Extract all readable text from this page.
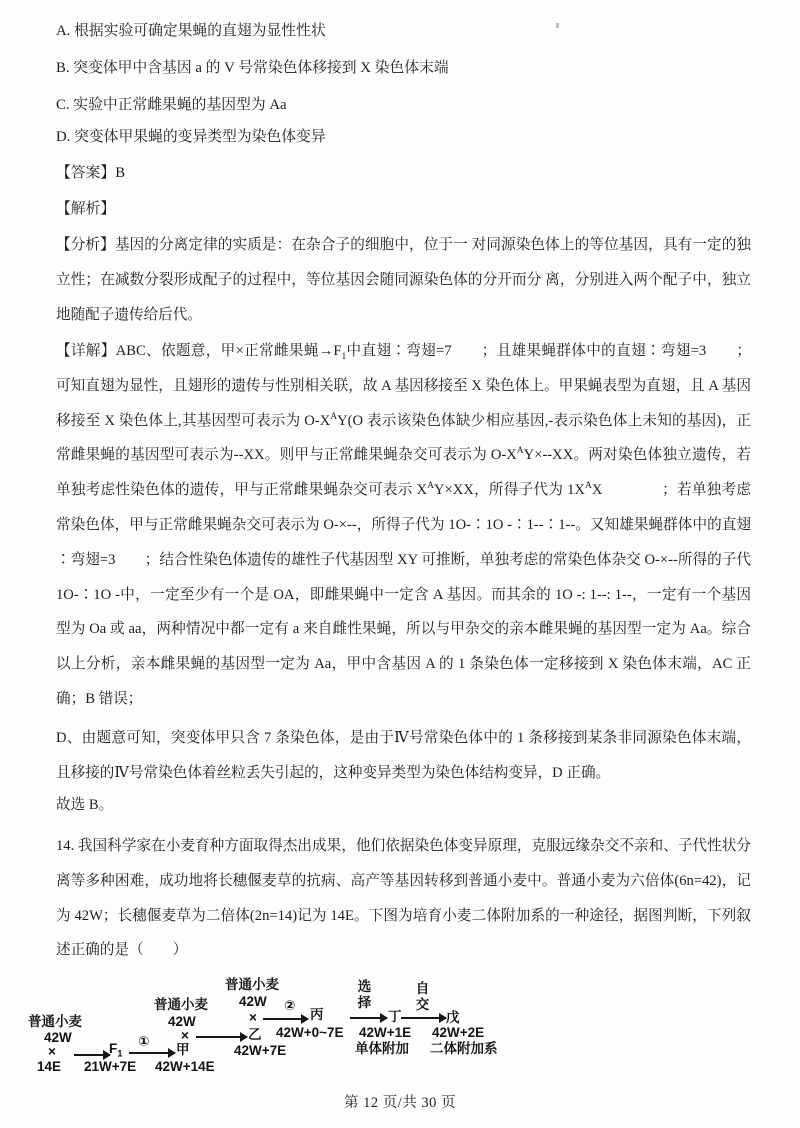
A. 根据实验可确定果蝇的直翅为显性性状
B. 突变体甲中含基因 a 的 V 号常染色体移接到 X 染色体末端
C. 实验中正常雌果蝇的基因型为 Aa
D. 突变体甲果蝇的变异类型为染色体变异
【答案】B
【解析】
【分析】基因的分离定律的实质是：在杂合子的细胞中，位于一 对同源染色体上的等位基因，具有一定的独立性；在减数分裂形成配子的过程中，等位基因会随同源染色体的分开而分 离，分别进入两个配子中，独立地随配子遗传给后代。
【详解】ABC、依题意，甲×正常雌果蝇$\to F_1$中直翅∶弯翅=7　　；且雄果蝇群体中的直翅∶弯翅=3　　；可知直翅为显性，且翅形的遗传与性别相关联，故 A 基因移接至 X 染色体上。甲果蝇表型为直翅，且 A 基因移接至 X 染色体上,其基因型可表示为 $O-X^AY(O$ 表示该染色体缺少相应基因,-表示染色体上未知的基因)，正常雌果蝇的基因型可表示为--XX。则甲与正常雌果蝇杂交可表示为 $O-X^AY\times--XX$。两对染色体独立遗传，若单独考虑性染色体的遗传，甲与正常雌果蝇杂交可表示 $X^AY\times XX$，所得子代为 $1X^AX$　　　　；若单独考虑常染色体，甲与正常雌果蝇杂交可表示为 O-×--，所得子代为 1O-∶1O -∶1--∶1--。又知雄果蝇群体中的直翅∶弯翅=3　　；结合性染色体遗传的雄性子代基因型 XY 可推断，单独考虑的常染色体杂交 O-×--所得的子代 1O-∶1O -中，一定至少有一个是 OA，即雌果蝇中一定含 A 基因。而其余的 1O -: 1--: 1--，一定有一个基因型为 Oa 或 aa，两种情况中都一定有 a 来自雌性果蝇，所以与甲杂交的亲本雌果蝇的基因型一定为 Aa。综合以上分析，亲本雌果蝇的基因型一定为 Aa，甲中含基因 A 的 1 条染色体一定移接到 X 染色体末端，AC 正确；B 错误；
D、由题意可知，突变体甲只含 7 条染色体，是由于Ⅳ号常染色体中的 1 条移接到某条非同源染色体末端，且移接的Ⅳ号常染色体着丝粒丢失引起的，这种变异类型为染色体结构变异，D 正确。
故选 B。
14. 我国科学家在小麦育种方面取得杰出成果，他们依据染色体变异原理，克服远缘杂交不亲和、子代性状分离等多种困难，成功地将长穗偃麦草的抗病、高产等基因转移到普通小麦中。普通小麦为六倍体(6n=42)，记为 42W；长穗偃麦草为二倍体(2n=14)记为 14E。下图为培育小麦二体附加系的一种途径，据图判断，下列叙述正确的是（　　）
普通小麦
42W
×
14E
$F_1$
21W+7E
①
甲
42W+14E
普通小麦
42W
×	乙
42W+7E
普通小麦
42W
×
②
丙
42W+0~7E
选择
丁
42W+1E
单体附加
自交
戊
42W+2E
二体附加系
第 12 页/共 30 页
